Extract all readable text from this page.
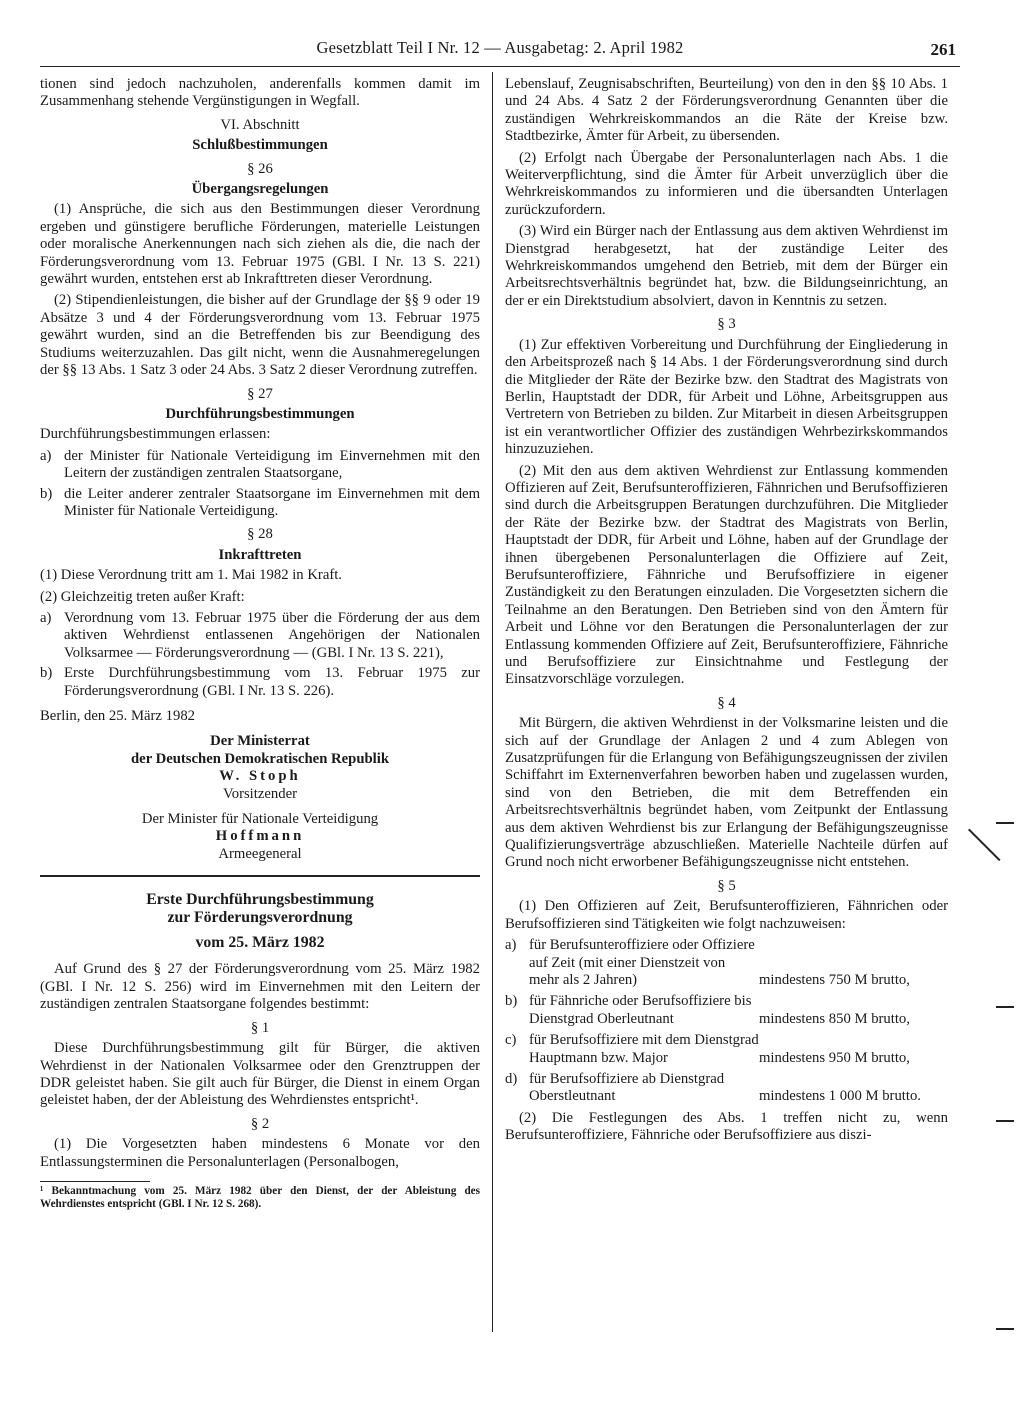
Gesetzblatt Teil I Nr. 12 — Ausgabetag: 2. April 1982	261

tionen sind jedoch nachzuholen, anderenfalls kommen damit im Zusammenhang stehende Vergünstigungen in Wegfall.

VI. Abschnitt
Schlußbestimmungen
§ 26
Übergangsregelungen

(1) Ansprüche, die sich aus den Bestimmungen dieser Verordnung ergeben und günstigere berufliche Förderungen, materielle Leistungen oder moralische Anerkennungen nach sich ziehen als die, die nach der Förderungsverordnung vom 13. Februar 1975 (GBl. I Nr. 13 S. 221) gewährt wurden, entstehen erst ab Inkrafttreten dieser Verordnung.

(2) Stipendienleistungen, die bisher auf der Grundlage der §§ 9 oder 19 Absätze 3 und 4 der Förderungsverordnung vom 13. Februar 1975 gewährt wurden, sind an die Betreffenden bis zur Beendigung des Studiums weiterzuzahlen. Das gilt nicht, wenn die Ausnahmeregelungen der §§ 13 Abs. 1 Satz 3 oder 24 Abs. 3 Satz 2 dieser Verordnung zutreffen.

§ 27
Durchführungsbestimmungen

Durchführungsbestimmungen erlassen:

a) der Minister für Nationale Verteidigung im Einvernehmen mit den Leitern der zuständigen zentralen Staatsorgane,
b) die Leiter anderer zentraler Staatsorgane im Einvernehmen mit dem Minister für Nationale Verteidigung.
§ 28
Inkrafttreten

(1) Diese Verordnung tritt am 1. Mai 1982 in Kraft.

(2) Gleichzeitig treten außer Kraft:

a) Verordnung vom 13. Februar 1975 über die Förderung der aus dem aktiven Wehrdienst entlassenen Angehörigen der Nationalen Volksarmee — Förderungsverordnung — (GBl. I Nr. 13 S. 221),
b) Erste Durchführungsbestimmung vom 13. Februar 1975 zur Förderungsverordnung (GBl. I Nr. 13 S. 226).

Berlin, den 25. März 1982

Der Ministerrat
der Deutschen Demokratischen Republik
W. Stoph
Vorsitzender
Der Minister für Nationale Verteidigung
Hoffmann
Armeegeneral
Erste Durchführungsbestimmung
zur Förderungsverordnung
vom 25. März 1982

Auf Grund des § 27 der Förderungsverordnung vom 25. März 1982 (GBl. I Nr. 12 S. 256) wird im Einvernehmen mit den Leitern der zuständigen zentralen Staatsorgane folgendes bestimmt:

§ 1

Diese Durchführungsbestimmung gilt für Bürger, die aktiven Wehrdienst in der Nationalen Volksarmee oder den Grenztruppen der DDR geleistet haben. Sie gilt auch für Bürger, die Dienst in einem Organ geleistet haben, der der Ableistung des Wehrdienstes entspricht¹.

§ 2

(1) Die Vorgesetzten haben mindestens 6 Monate vor den Entlassungsterminen die Personalunterlagen (Personalbogen,

¹ Bekanntmachung vom 25. März 1982 über den Dienst, der der Ableistung des Wehrdienstes entspricht (GBl. I Nr. 12 S. 268).

Lebenslauf, Zeugnisabschriften, Beurteilung) von den in den §§ 10 Abs. 1 und 24 Abs. 4 Satz 2 der Förderungsverordnung Genannten über die zuständigen Wehrkreiskommandos an die Räte der Kreise bzw. Stadtbezirke, Ämter für Arbeit, zu übersenden.

(2) Erfolgt nach Übergabe der Personalunterlagen nach Abs. 1 die Weiterverpflichtung, sind die Ämter für Arbeit unverzüglich über die Wehrkreiskommandos zu informieren und die übersandten Unterlagen zurückzufordern.

(3) Wird ein Bürger nach der Entlassung aus dem aktiven Wehrdienst im Dienstgrad herabgesetzt, hat der zuständige Leiter des Wehrkreiskommandos umgehend den Betrieb, mit dem der Bürger ein Arbeitsrechtsverhältnis begründet hat, bzw. die Bildungseinrichtung, an der er ein Direktstudium absolviert, davon in Kenntnis zu setzen.

§ 3

(1) Zur effektiven Vorbereitung und Durchführung der Eingliederung in den Arbeitsprozeß nach § 14 Abs. 1 der Förderungsverordnung sind durch die Mitglieder der Räte der Bezirke bzw. den Stadtrat des Magistrats von Berlin, Hauptstadt der DDR, für Arbeit und Löhne, Arbeitsgruppen aus Vertretern von Betrieben zu bilden. Zur Mitarbeit in diesen Arbeitsgruppen ist ein verantwortlicher Offizier des zuständigen Wehrbezirkskommandos hinzuzuziehen.

(2) Mit den aus dem aktiven Wehrdienst zur Entlassung kommenden Offizieren auf Zeit, Berufsunteroffizieren, Fähnrichen und Berufsoffizieren sind durch die Arbeitsgruppen Beratungen durchzuführen. Die Mitglieder der Räte der Bezirke bzw. der Stadtrat des Magistrats von Berlin, Hauptstadt der DDR, für Arbeit und Löhne, haben auf der Grundlage der ihnen übergebenen Personalunterlagen die Offiziere auf Zeit, Berufsunteroffiziere, Fähnriche und Berufsoffiziere in eigener Zuständigkeit zu den Beratungen einzuladen. Die Vorgesetzten sichern die Teilnahme an den Beratungen. Den Betrieben sind von den Ämtern für Arbeit und Löhne vor den Beratungen die Personalunterlagen der zur Entlassung kommenden Offiziere auf Zeit, Berufsunteroffiziere, Fähnriche und Berufsoffiziere zur Einsichtnahme und Festlegung der Einsatzvorschläge vorzulegen.

§ 4

Mit Bürgern, die aktiven Wehrdienst in der Volksmarine leisten und die sich auf der Grundlage der Anlagen 2 und 4 zum Ablegen von Zusatzprüfungen für die Erlangung von Befähigungszeugnissen der zivilen Schiffahrt im Externenverfahren beworben haben und zugelassen wurden, sind von den Betrieben, die mit dem Betreffenden ein Arbeitsrechtsverhältnis begründet haben, vom Zeitpunkt der Entlassung aus dem aktiven Wehrdienst bis zur Erlangung der Befähigungszeugnisse Qualifizierungsverträge abzuschließen. Materielle Nachteile dürfen auf Grund noch nicht erworbener Befähigungszeugnisse nicht entstehen.

§ 5

(1) Den Offizieren auf Zeit, Berufsunteroffizieren, Fähnrichen oder Berufsoffizieren sind Tätigkeiten wie folgt nachzuweisen:

a) für Berufsunteroffiziere oder Offiziere auf Zeit (mit einer Dienstzeit von mehr als 2 Jahren)	mindestens 750 M brutto,
b) für Fähnriche oder Berufsoffiziere bis Dienstgrad Oberleutnant	mindestens 850 M brutto,
c) für Berufsoffiziere mit dem Dienstgrad Hauptmann bzw. Major	mindestens 950 M brutto,
d) für Berufsoffiziere ab Dienstgrad Oberstleutnant	mindestens 1 000 M brutto.

(2) Die Festlegungen des Abs. 1 treffen nicht zu, wenn Berufsunteroffiziere, Fähnriche oder Berufsoffiziere aus diszi-
